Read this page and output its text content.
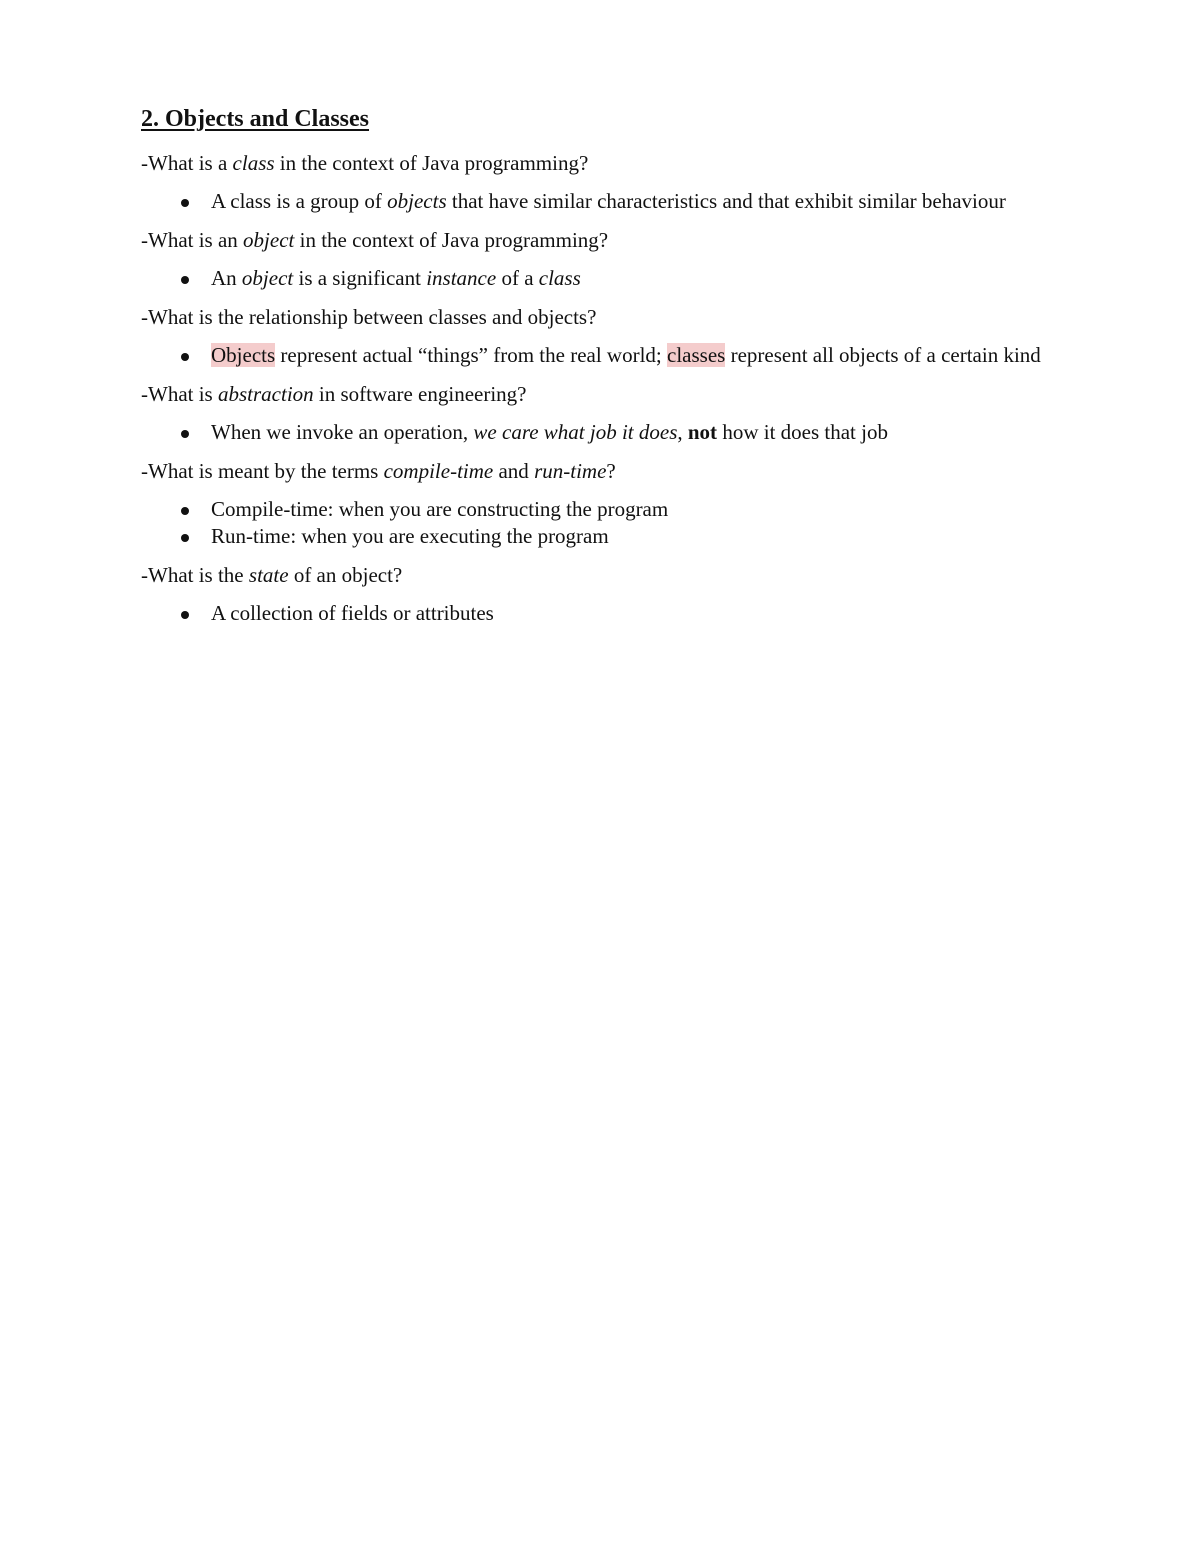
2. Objects and Classes
-What is a class in the context of Java programming?
A class is a group of objects that have similar characteristics and that exhibit similar behaviour
-What is an object in the context of Java programming?
An object is a significant instance of a class
-What is the relationship between classes and objects?
Objects represent actual “things” from the real world; classes represent all objects of a certain kind
-What is abstraction in software engineering?
When we invoke an operation, we care what job it does, not how it does that job
-What is meant by the terms compile-time and run-time?
Compile-time: when you are constructing the program
Run-time: when you are executing the program
-What is the state of an object?
A collection of fields or attributes
